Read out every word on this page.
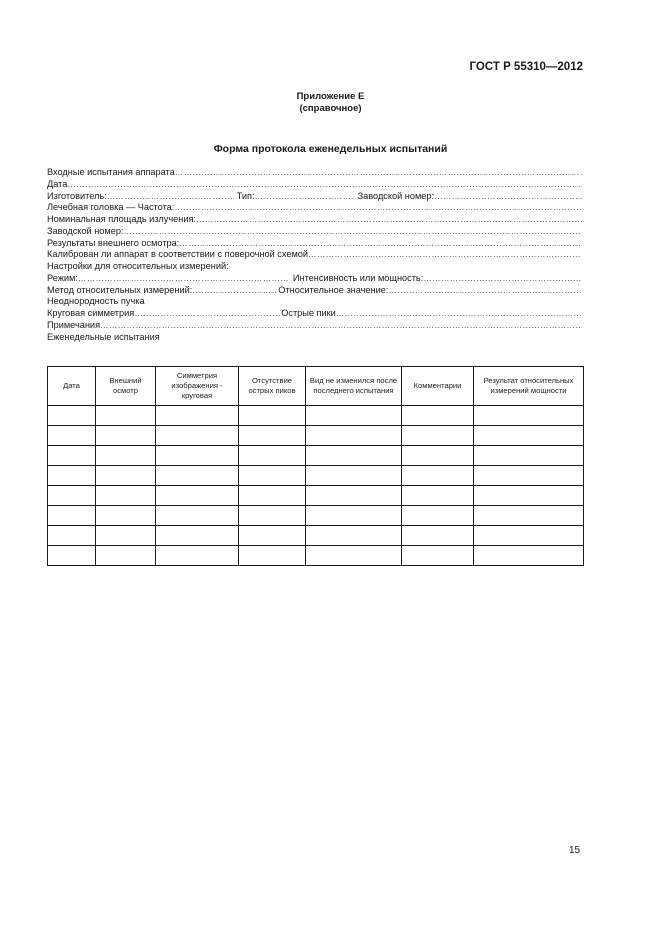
ГОСТ Р 55310—2012
Приложение Е
(справочное)
Форма протокола еженедельных испытаний
Входные испытания аппарата
…………………………………………………………………………………………………………………………………………………………………………………………………
Дата
…………………………………………………………………………………………………………………………………………………………………………………………………
Изготовитель: …………………………………………………………………………………………………………………………………………………………………………………………………	Тип: …………………………………………………………………………………………………………………………………………………………………………………………………	Заводской номер:
…………………………………………………………………………………………………………………………………………………………………………………………………
Лечебная головка — Частота:
…………………………………………………………………………………………………………………………………………………………………………………………………
Номинальная площадь излучения:
…………………………………………………………………………………………………………………………………………………………………………………………………
Заводской номер:
…………………………………………………………………………………………………………………………………………………………………………………………………
Результаты внешнего осмотра:
…………………………………………………………………………………………………………………………………………………………………………………………………
Калиброван ли аппарат в соответствии с поверочной схемой
…………………………………………………………………………………………………………………………………………………………………………………………………
Настройки для относительных измерений:
Режим: …………………………………………………………………………………………………………………………………………………………………………………………………	Интенсивность или мощность:
…………………………………………………………………………………………………………………………………………………………………………………………………
Метод относительных измерений: …………………………………………………………………………………………………………………………………………………………………………………………………	Относительное значение:
…………………………………………………………………………………………………………………………………………………………………………………………………
Неоднородность пучка
Круговая симметрия …………………………………………………………………………………………………………………………………………………………………………………………………	Острые пики
…………………………………………………………………………………………………………………………………………………………………………………………………
Примечания
…………………………………………………………………………………………………………………………………………………………………………………………………
Еженедельные испытания
Дата	Внешний осмотр	Симметрия изображения - круговая	Отсутствие острых пиков	Вид не изменился после последнего испытания	Комментарии	Результат относительных измерений мощности

15
